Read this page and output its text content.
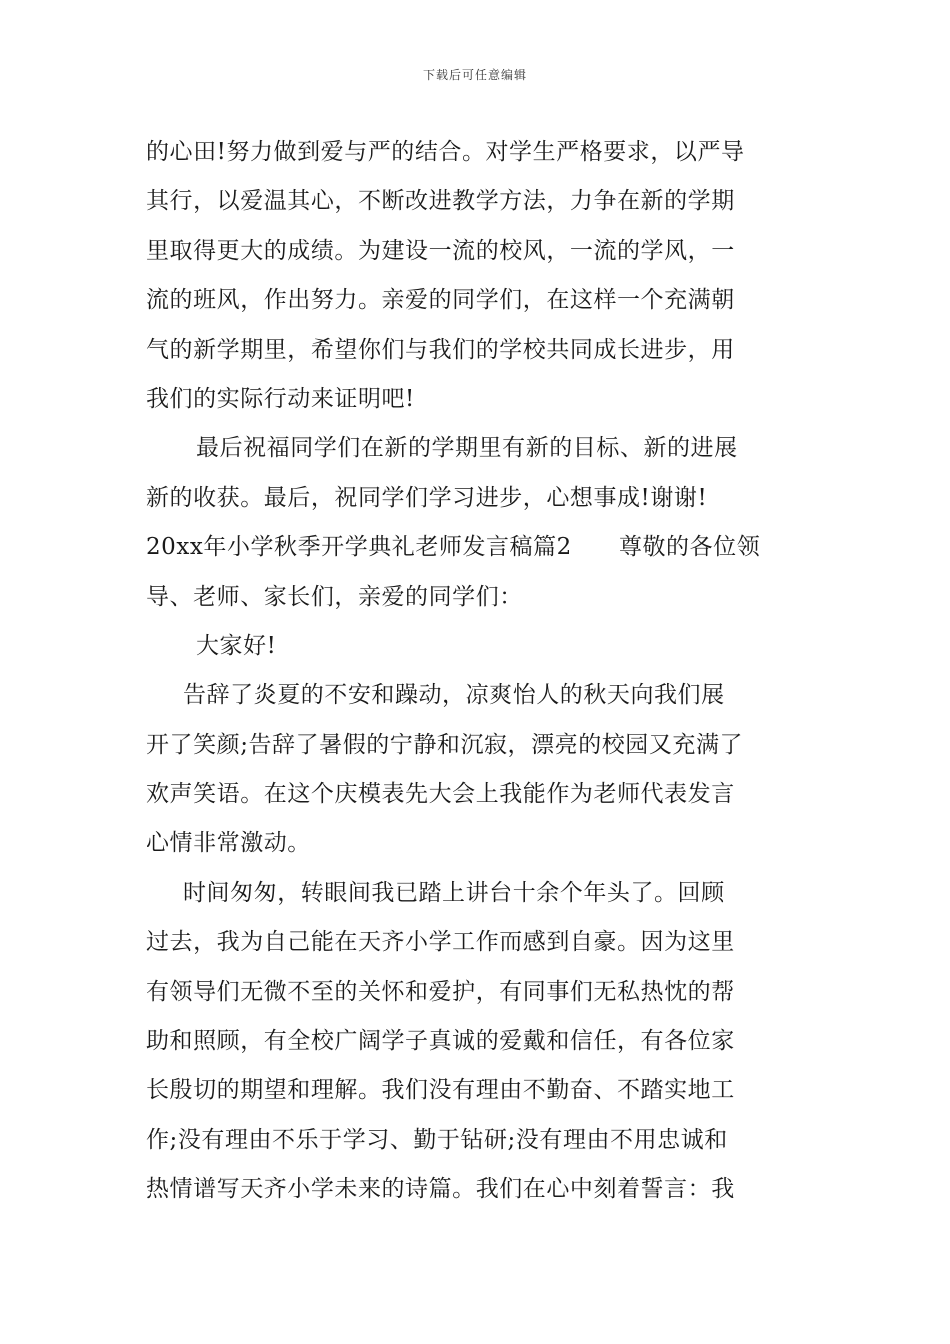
下载后可任意编辑
的心田!努力做到爱与严的结合。对学生严格要求，以严导
其行，以爱温其心，不断改进教学方法，力争在新的学期
里取得更大的成绩。为建设一流的校风，一流的学风，一
流的班风，作出努力。亲爱的同学们，在这样一个充满朝
气的新学期里，希望你们与我们的学校共同成长进步，用
我们的实际行动来证明吧!
最后祝福同学们在新的学期里有新的目标、新的进展
新的收获。最后，祝同学们学习进步，心想事成!谢谢!
20xx年小学秋季开学典礼老师发言稿篇2　　尊敬的各位领
导、老师、家长们，亲爱的同学们：
大家好!
告辞了炎夏的不安和躁动，凉爽怡人的秋天向我们展
开了笑颜;告辞了暑假的宁静和沉寂，漂亮的校园又充满了
欢声笑语。在这个庆模表先大会上我能作为老师代表发言
心情非常激动。
时间匆匆，转眼间我已踏上讲台十余个年头了。回顾
过去，我为自己能在天齐小学工作而感到自豪。因为这里
有领导们无微不至的关怀和爱护，有同事们无私热忱的帮
助和照顾，有全校广阔学子真诚的爱戴和信任，有各位家
长殷切的期望和理解。我们没有理由不勤奋、不踏实地工
作;没有理由不乐于学习、勤于钻研;没有理由不用忠诚和
热情谱写天齐小学未来的诗篇。我们在心中刻着誓言：我
